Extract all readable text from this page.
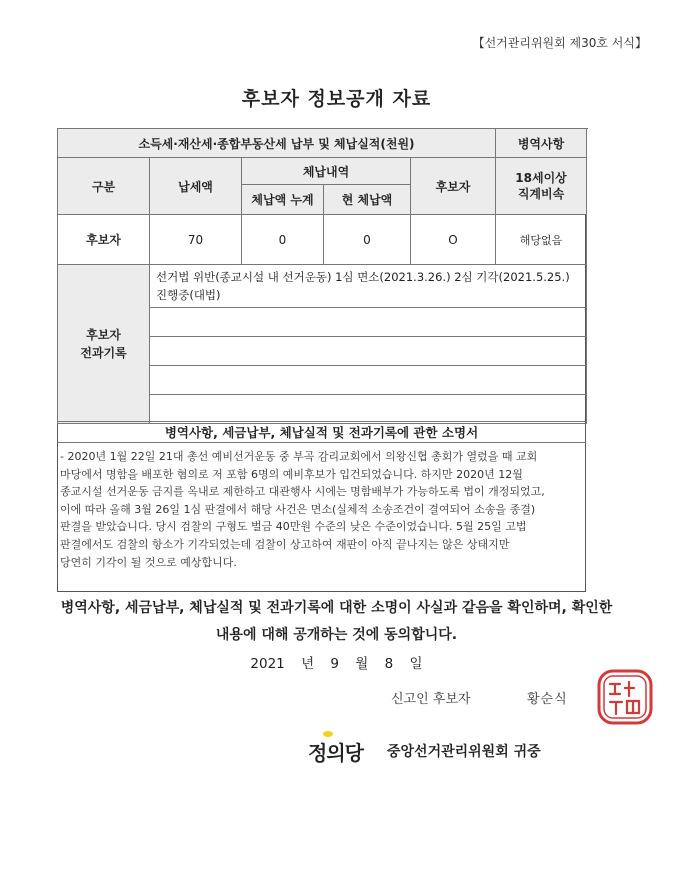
【선거관리위원회 제30호 서식】
후보자 정보공개 자료
소득세·재산세·종합부동산세 납부 및 체납실적(천원)					병역사항
구분	납세액	체납내역		후보자	18세이상
직계비속
		체납액 누계	현 체납액		
후보자	70	0	0	O	해당없음
후보자
전과기록	선거법 위반(종교시설 내 선거운동) 1심 면소(2021.3.26.) 2심 기각(2021.5.25.) 진행중(대법)				

병역사항, 세금납부, 체납실적 및 전과기록에 관한 소명서
- 2020년 1월 22일 21대 총선 예비선거운동 중 부곡 감리교회에서 의왕신협 총회가 열렸을 때 교회
마당에서 명함을 배포한 혐의로 저 포함 6명의 예비후보가 입건되었습니다. 하지만 2020년 12월
종교시설 선거운동 금지를 옥내로 제한하고 대관행사 시에는 명함배부가 가능하도록 법이 개정되었고,
이에 따라 올해 3월 26일 1심 판결에서 해당 사건은 면소(실체적 소송조건이 결여되어 소송을 종결)
판결을 받았습니다. 당시 검찰의 구형도 벌금 40만원 수준의 낮은 수준이었습니다. 5월 25일 고법
판결에서도 검찰의 항소가 기각되었는데 검찰이 상고하여 재판이 아직 끝나지는 않은 상태지만
당연히 기각이 될 것으로 예상합니다.
병역사항, 세금납부, 체납실적 및 전과기록에 대한 소명이 사실과 같음을 확인하며, 확인한
내용에 대해 공개하는 것에 동의합니다.
2021 년 9 월 8 일
신고인 후보자	황순식
정의당 중앙선거관리위원회 귀중
